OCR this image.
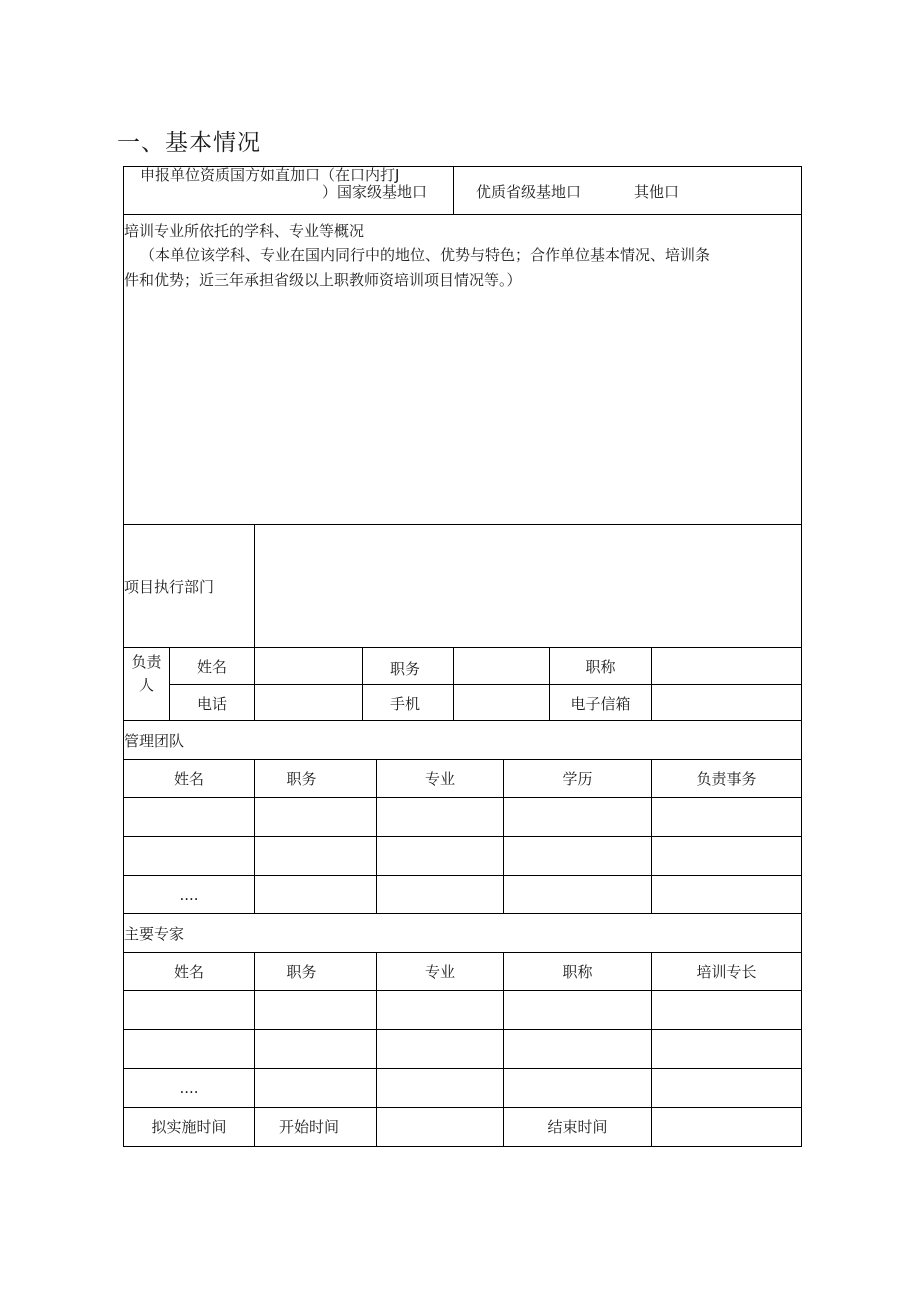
一、基本情况
申报单位资质国方如直加口（在口内打J
）国家级基地口	优质省级基地口	其他口
培训专业所依托的学科、专业等概况
（本单位该学科、专业在国内同行中的地位、优势与特色；合作单位基本情况、培训条
件和优势；近三年承担省级以上职教师资培训项目情况等。）
项目执行部门
负责
人
姓名	职务	职称
电话	手机	电子信箱
管理团队
姓名	职务	专业	学历	负责事务
....
主要专家
姓名	职务	专业	职称	培训专长
....
拟实施时间	开始时间	结束时间
